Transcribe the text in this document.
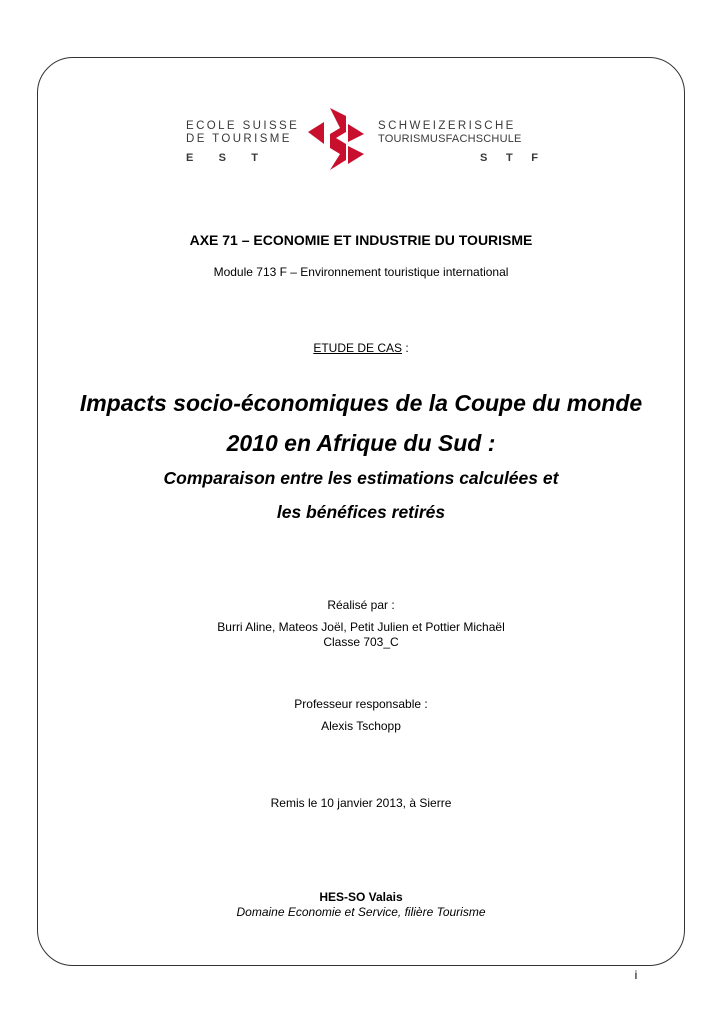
ECOLE SUISSE
DE TOURISME
E S T
SCHWEIZERISCHE
TOURISMUSFACHSCHULE
S T F
AXE 71 – ECONOMIE ET INDUSTRIE DU TOURISME
Module 713 F – Environnement touristique international
ETUDE DE CAS :
Impacts socio-économiques de la Coupe du monde
2010 en Afrique du Sud :
Comparaison entre les estimations calculées et
les bénéfices retirés
Réalisé par :
Burri Aline, Mateos Joël, Petit Julien et Pottier Michaël
Classe 703_C
Professeur responsable :
Alexis Tschopp
Remis le 10 janvier 2013, à Sierre
HES-SO Valais
Domaine Economie et Service, filière Tourisme
i
